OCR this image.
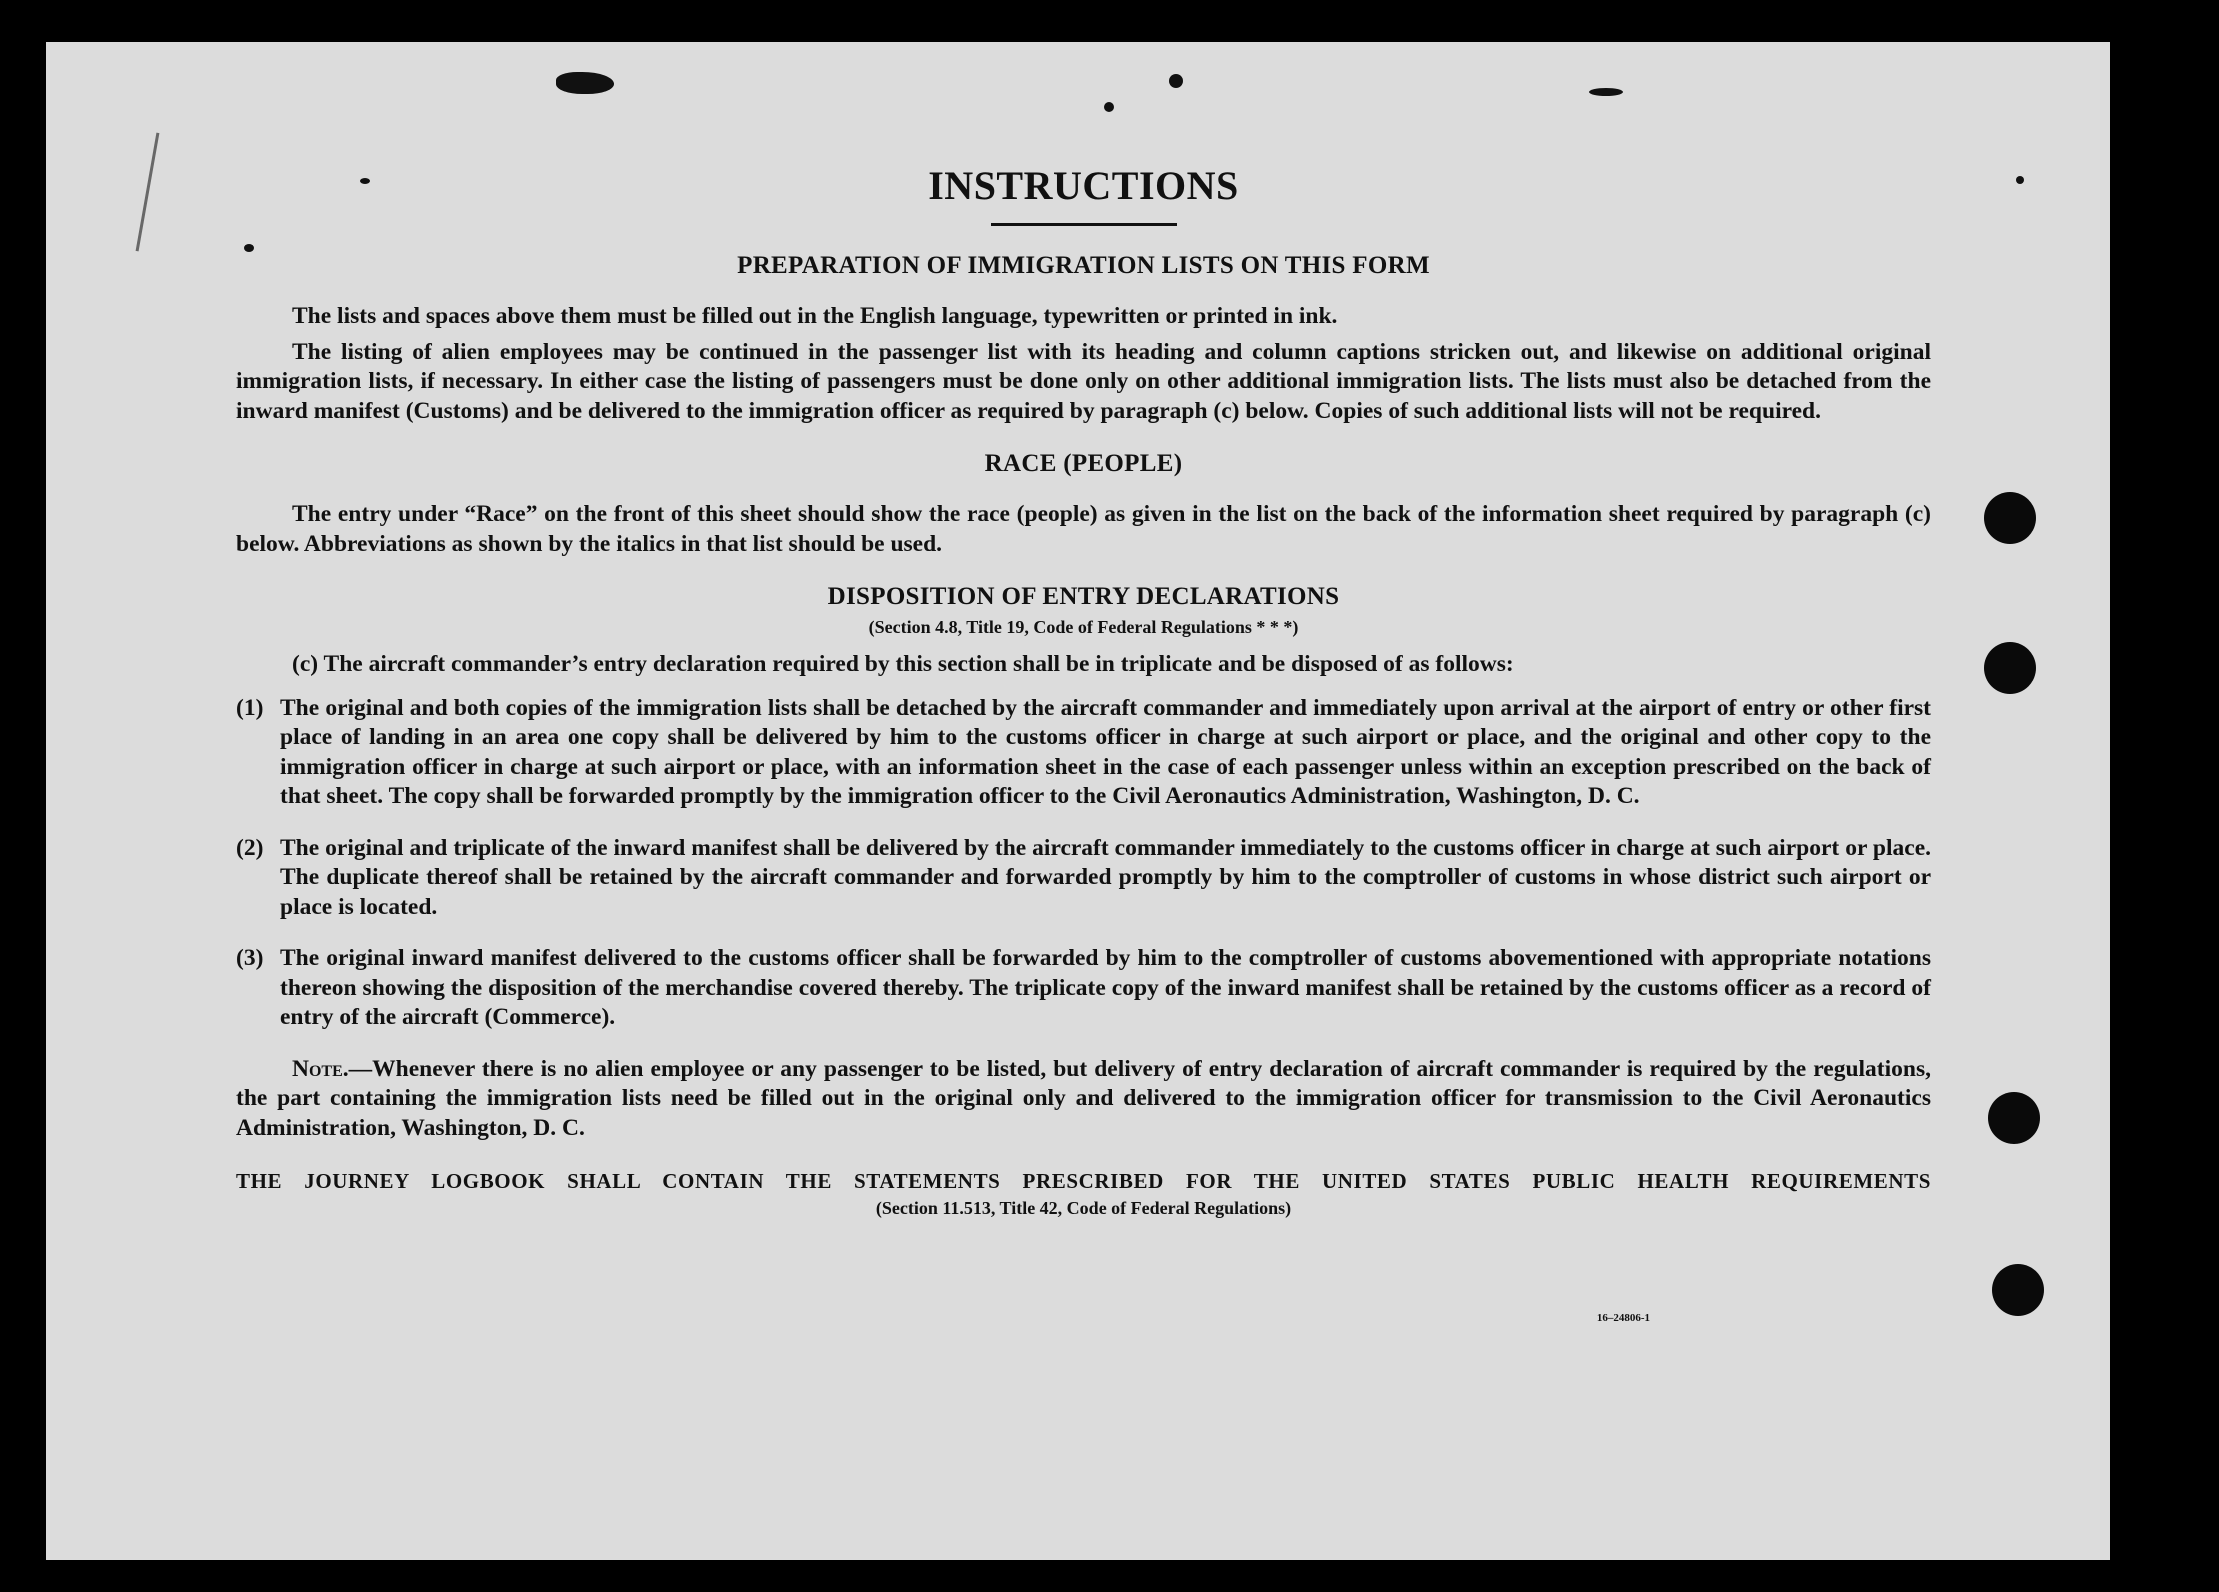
INSTRUCTIONS
PREPARATION OF IMMIGRATION LISTS ON THIS FORM

The lists and spaces above them must be filled out in the English language, typewritten or printed in ink.

The listing of alien employees may be continued in the passenger list with its heading and column captions stricken out, and likewise on additional original immigration lists, if necessary. In either case the listing of passengers must be done only on other additional immigration lists. The lists must also be detached from the inward manifest (Customs) and be delivered to the immigration officer as required by paragraph (c) below. Copies of such additional lists will not be required.

RACE (PEOPLE)

The entry under “Race” on the front of this sheet should show the race (people) as given in the list on the back of the information sheet required by paragraph (c) below. Abbreviations as shown by the italics in that list should be used.

DISPOSITION OF ENTRY DECLARATIONS
(Section 4.8, Title 19, Code of Federal Regulations * * *)

(c) The aircraft commander’s entry declaration required by this section shall be in triplicate and be disposed of as follows:

(1) The original and both copies of the immigration lists shall be detached by the aircraft commander and immediately upon arrival at the airport of entry or other first place of landing in an area one copy shall be delivered by him to the customs officer in charge at such airport or place, and the original and other copy to the immigration officer in charge at such airport or place, with an information sheet in the case of each passenger unless within an exception prescribed on the back of that sheet. The copy shall be forwarded promptly by the immigration officer to the Civil Aeronautics Administration, Washington, D. C.
(2) The original and triplicate of the inward manifest shall be delivered by the aircraft commander immediately to the customs officer in charge at such airport or place. The duplicate thereof shall be retained by the aircraft commander and forwarded promptly by him to the comptroller of customs in whose district such airport or place is located.
(3) The original inward manifest delivered to the customs officer shall be forwarded by him to the comptroller of customs abovementioned with appropriate notations thereon showing the disposition of the merchandise covered thereby. The triplicate copy of the inward manifest shall be retained by the customs officer as a record of entry of the aircraft (Commerce).

Note.—Whenever there is no alien employee or any passenger to be listed, but delivery of entry declaration of aircraft commander is required by the regulations, the part containing the immigration lists need be filled out in the original only and delivered to the immigration officer for transmission to the Civil Aeronautics Administration, Washington, D. C.

THE JOURNEY LOGBOOK SHALL CONTAIN THE STATEMENTS PRESCRIBED FOR THE UNITED STATES PUBLIC HEALTH REQUIREMENTS
(Section 11.513, Title 42, Code of Federal Regulations)
16–24806-1
